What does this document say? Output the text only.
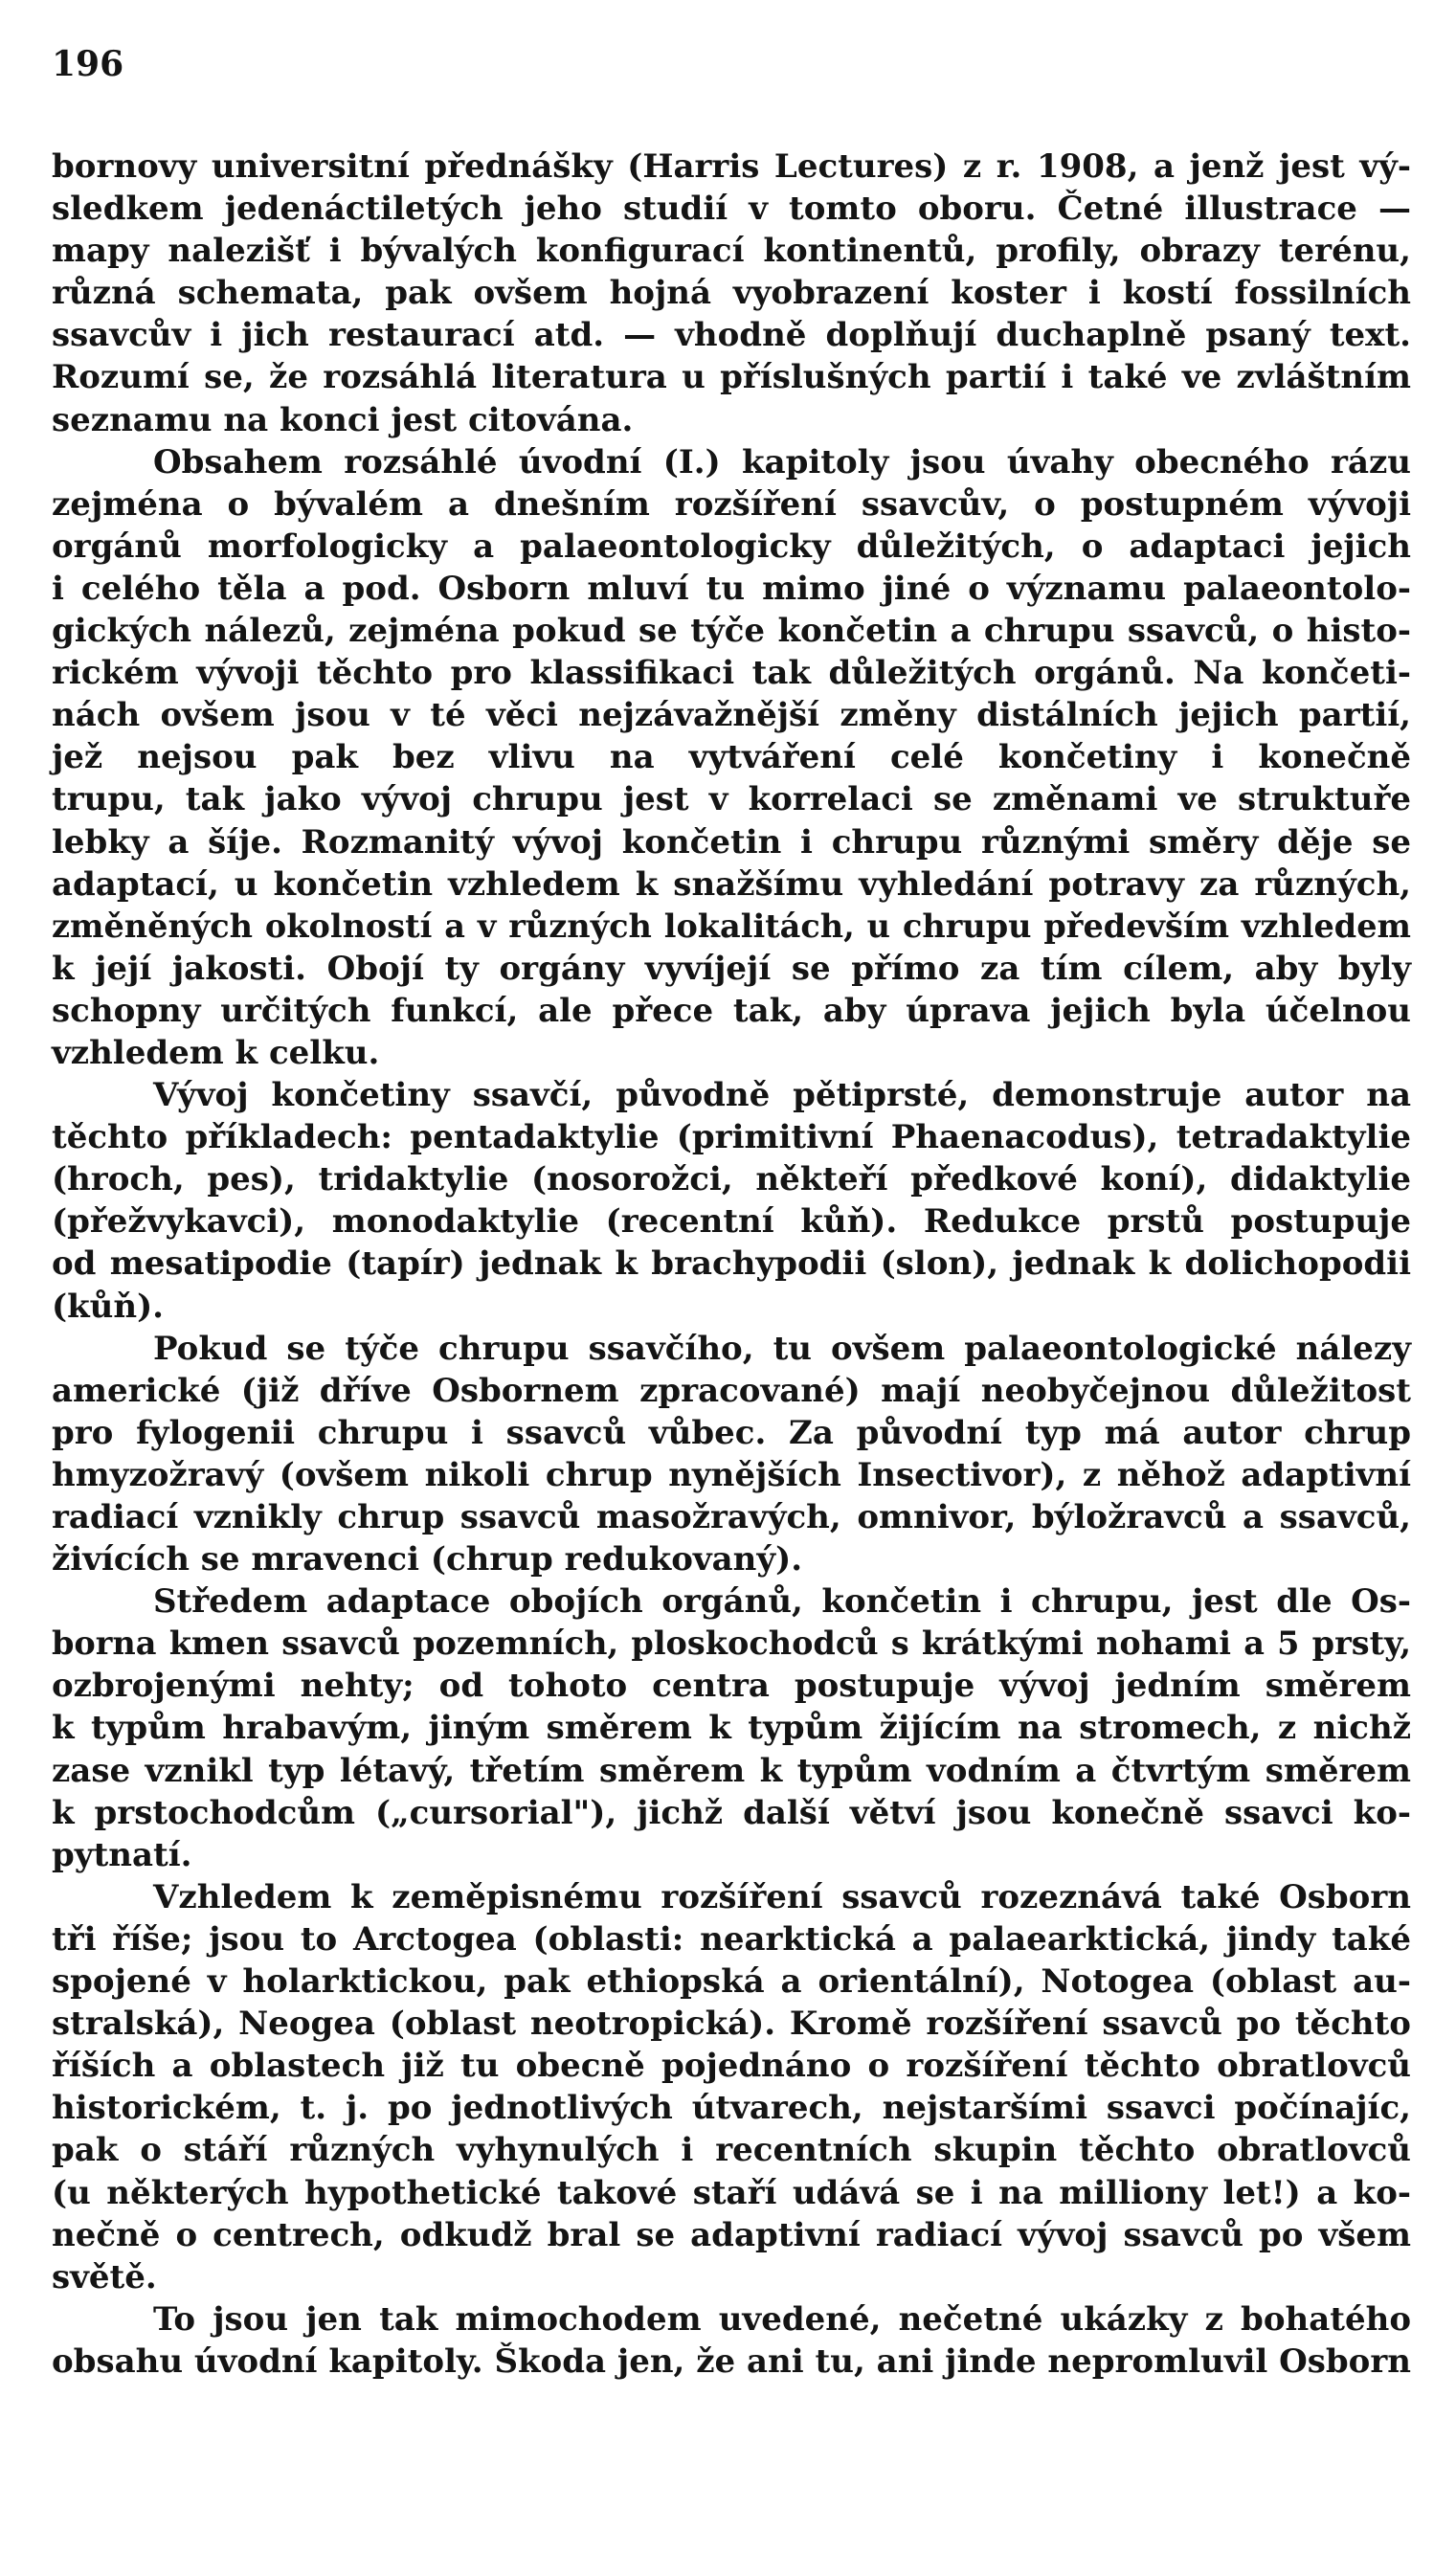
196
bornovy universitní přednášky (Harris Lectures) z r. 1908, a jenž jest vý-
sledkem jedenáctiletých jeho studií v tomto oboru. Četné illustrace —
mapy nalezišť i bývalých konfigurací kontinentů, profily, obrazy terénu,
různá schemata, pak ovšem hojná vyobrazení koster i kostí fossilních
ssavcův i jich restaurací atd. — vhodně doplňují duchaplně psaný text.
Rozumí se, že rozsáhlá literatura u příslušných partií i také ve zvláštním
seznamu na konci jest citována.
Obsahem rozsáhlé úvodní (I.) kapitoly jsou úvahy obecného rázu
zejména o bývalém a dnešním rozšíření ssavcův, o postupném vývoji
orgánů morfologicky a palaeontologicky důležitých, o adaptaci jejich
i celého těla a pod. Osborn mluví tu mimo jiné o významu palaeontolo-
gických nálezů, zejména pokud se týče končetin a chrupu ssavců, o histo-
rickém vývoji těchto pro klassifikaci tak důležitých orgánů. Na končeti-
nách ovšem jsou v té věci nejzávažnější změny distálních jejich partií,
jež nejsou pak bez vlivu na vytváření celé končetiny i konečně
trupu, tak jako vývoj chrupu jest v korrelaci se změnami ve struktuře
lebky a šíje. Rozmanitý vývoj končetin i chrupu různými směry děje se
adaptací, u končetin vzhledem k snažšímu vyhledání potravy za různých,
změněných okolností a v různých lokalitách, u chrupu především vzhledem
k její jakosti. Obojí ty orgány vyvíjejí se přímo za tím cílem, aby byly
schopny určitých funkcí, ale přece tak, aby úprava jejich byla účelnou
vzhledem k celku.
Vývoj končetiny ssavčí, původně pětiprsté, demonstruje autor na
těchto příkladech: pentadaktylie (primitivní Phaenacodus), tetradaktylie
(hroch, pes), tridaktylie (nosorožci, někteří předkové koní), didaktylie
(přežvykavci), monodaktylie (recentní kůň). Redukce prstů postupuje
od mesatipodie (tapír) jednak k brachypodii (slon), jednak k dolichopodii
(kůň).
Pokud se týče chrupu ssavčího, tu ovšem palaeontologické nálezy
americké (již dříve Osbornem zpracované) mají neobyčejnou důležitost
pro fylogenii chrupu i ssavců vůbec. Za původní typ má autor chrup
hmyzožravý (ovšem nikoli chrup nynějších Insectivor), z něhož adaptivní
radiací vznikly chrup ssavců masožravých, omnivor, býložravců a ssavců,
živících se mravenci (chrup redukovaný).
Středem adaptace obojích orgánů, končetin i chrupu, jest dle Os-
borna kmen ssavců pozemních, ploskochodců s krátkými nohami a 5 prsty,
ozbrojenými nehty; od tohoto centra postupuje vývoj jedním směrem
k typům hrabavým, jiným směrem k typům žijícím na stromech, z nichž
zase vznikl typ létavý, třetím směrem k typům vodním a čtvrtým směrem
k prstochodcům („cursorial"), jichž další větví jsou konečně ssavci ko-
pytnatí.
Vzhledem k zeměpisnému rozšíření ssavců rozeznává také Osborn
tři říše; jsou to Arctogea (oblasti: nearktická a palaearktická, jindy také
spojené v holarktickou, pak ethiopská a orientální), Notogea (oblast au-
stralská), Neogea (oblast neotropická). Kromě rozšíření ssavců po těchto
říších a oblastech již tu obecně pojednáno o rozšíření těchto obratlovců
historickém, t. j. po jednotlivých útvarech, nejstaršími ssavci počínajíc,
pak o stáří různých vyhynulých i recentních skupin těchto obratlovců
(u některých hypothetické takové staří udává se i na milliony let!) a ko-
nečně o centrech, odkudž bral se adaptivní radiací vývoj ssavců po všem
světě.
To jsou jen tak mimochodem uvedené, nečetné ukázky z bohatého
obsahu úvodní kapitoly. Škoda jen, že ani tu, ani jinde nepromluvil Osborn
